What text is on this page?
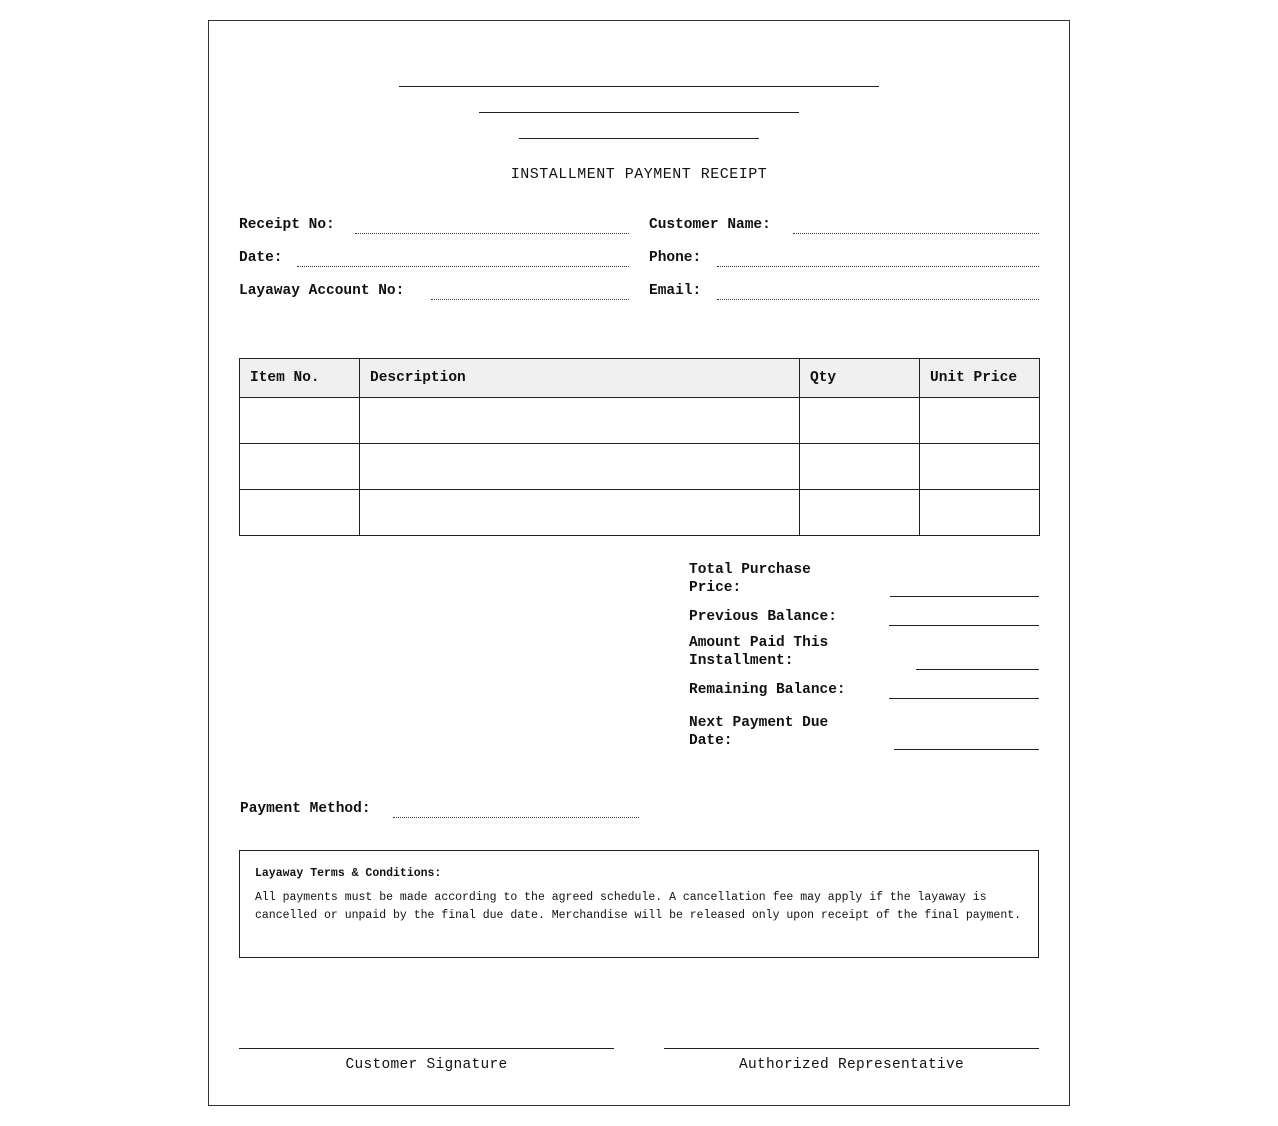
INSTALLMENT PAYMENT RECEIPT
Receipt No:
Date:
Layaway Account No:
Customer Name:
Phone:
Email:
Item No.	Description	Qty	Unit Price

Total Purchase Price:
Previous Balance:
Amount Paid This Installment:
Remaining Balance:
Next Payment Due Date:
Payment Method:
Layaway Terms & Conditions:
All payments must be made according to the agreed schedule. A cancellation fee may apply if the layaway is cancelled or unpaid by the final due date. Merchandise will be released only upon receipt of the final payment.
Customer Signature	Authorized Representative
